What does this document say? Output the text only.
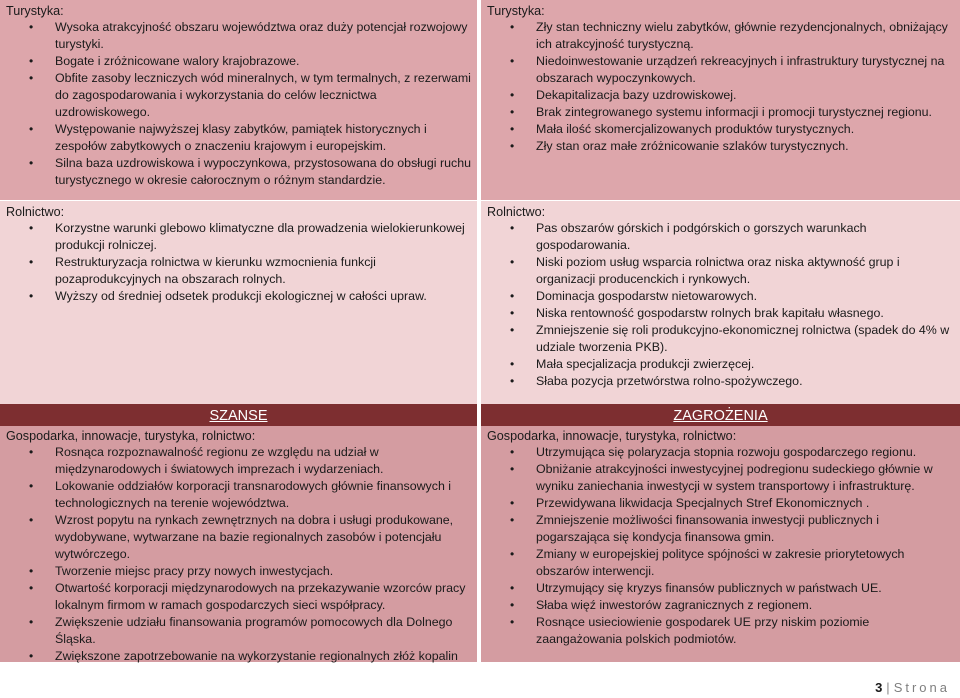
Turystyka:

• Wysoka atrakcyjność obszaru województwa oraz duży potencjał rozwojowy turystyki.
• Bogate i zróżnicowane walory krajobrazowe.
• Obfite zasoby leczniczych wód mineralnych, w tym termalnych, z rezerwami do zagospodarowania i wykorzystania do celów lecznictwa uzdrowiskowego.
• Występowanie najwyższej klasy zabytków, pamiątek historycznych i zespołów zabytkowych o znaczeniu krajowym i europejskim.
• Silna baza uzdrowiskowa i wypoczynkowa, przystosowana do obsługi ruchu turystycznego w okresie całorocznym o różnym standardzie.

Turystyka:

• Zły stan techniczny wielu zabytków, głównie rezydencjonalnych, obniżający ich atrakcyjność turystyczną.
• Niedoinwestowanie urządzeń rekreacyjnych i infrastruktury turystycznej na obszarach wypoczynkowych.
• Dekapitalizacja bazy uzdrowiskowej.
• Brak zintegrowanego systemu informacji i promocji turystycznej regionu.
• Mała ilość skomercjalizowanych produktów turystycznych.
• Zły stan oraz małe zróżnicowanie szlaków turystycznych.

Rolnictwo:

• Korzystne warunki glebowo klimatyczne dla prowadzenia wielokierunkowej produkcji rolniczej.
• Restrukturyzacja rolnictwa w kierunku wzmocnienia funkcji pozaprodukcyjnych na obszarach rolnych.
• Wyższy od średniej odsetek produkcji ekologicznej w całości upraw.

Rolnictwo:

• Pas obszarów górskich i podgórskich o gorszych warunkach gospodarowania.
• Niski poziom usług wsparcia rolnictwa oraz niska aktywność grup i organizacji producenckich i rynkowych.
• Dominacja gospodarstw nietowarowych.
• Niska rentowność gospodarstw rolnych brak kapitału własnego.
• Zmniejszenie się roli produkcyjno-ekonomicznej rolnictwa (spadek do 4% w udziale tworzenia PKB).
• Mała specjalizacja produkcji zwierzęcej.
• Słaba pozycja przetwórstwa rolno-spożywczego.

Gospodarka, innowacje, turystyka, rolnictwo:

• Rosnąca rozpoznawalność regionu ze względu na udział w międzynarodowych i światowych imprezach i wydarzeniach.
• Lokowanie oddziałów korporacji transnarodowych głównie finansowych i technologicznych na terenie województwa.
• Wzrost popytu na rynkach zewnętrznych na dobra i usługi produkowane, wydobywane, wytwarzane na bazie regionalnych zasobów i potencjału wytwórczego.
• Tworzenie miejsc pracy przy nowych inwestycjach.
• Otwartość korporacji międzynarodowych na przekazywanie wzorców pracy lokalnym firmom w ramach gospodarczych sieci współpracy.
• Zwiększenie udziału finansowania programów pomocowych dla Dolnego Śląska.
• Zwiększone zapotrzebowanie na wykorzystanie regionalnych złóż kopalin
SZANSE

Gospodarka, innowacje, turystyka, rolnictwo:

• Utrzymująca się polaryzacja stopnia rozwoju gospodarczego regionu.
• Obniżanie atrakcyjności inwestycyjnej podregionu sudeckiego głównie w wyniku zaniechania inwestycji w system transportowy i infrastrukturę.
• Przewidywana likwidacja Specjalnych Stref Ekonomicznych .
• Zmniejszenie możliwości finansowania inwestycji publicznych i pogarszająca się kondycja finansowa gmin.
• Zmiany w europejskiej polityce spójności w zakresie priorytetowych obszarów interwencji.
• Utrzymujący się kryzys finansów publicznych w państwach UE.
• Słaba więź inwestorów zagranicznych z regionem.
• Rosnące usieciowienie gospodarek UE przy niskim poziomie zaangażowania polskich podmiotów.
ZAGROŻENIA
3 | Strona
